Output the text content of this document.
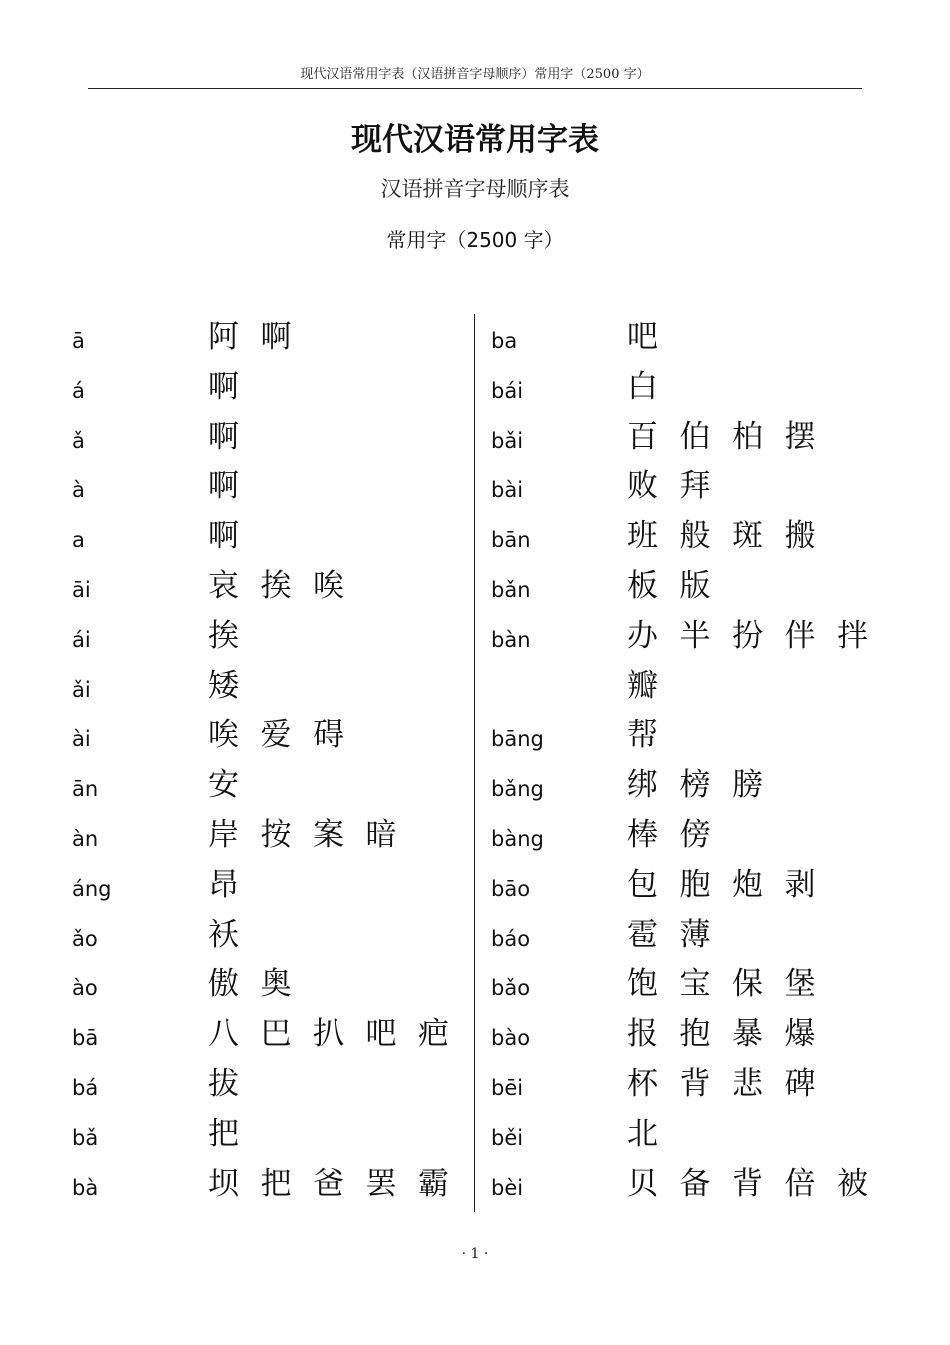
现代汉语常用字表（汉语拼音字母顺序）常用字（2500 字）
现代汉语常用字表
汉语拼音字母顺序表
常用字（2500 字）
ā	阿啊
á	啊
ǎ	啊
à	啊
a	啊
āi	哀挨唉
ái	挨
ǎi	矮
ài	唉爱碍
ān	安
àn	岸按案暗
áng	昂
ǎo	袄
ào	傲奥
bā	八巴扒吧疤
bá	拔
bǎ	把
bà	坝把爸罢霸
ba	吧
bái	白
bǎi	百伯柏摆
bài	败拜
bān	班般斑搬
bǎn	板版
bàn	办半扮伴拌
瓣
bāng	帮
bǎng	绑榜膀
bàng	棒傍
bāo	包胞炮剥
báo	雹薄
bǎo	饱宝保堡
bào	报抱暴爆
bēi	杯背悲碑
běi	北
bèi	贝备背倍被
· 1 ·
